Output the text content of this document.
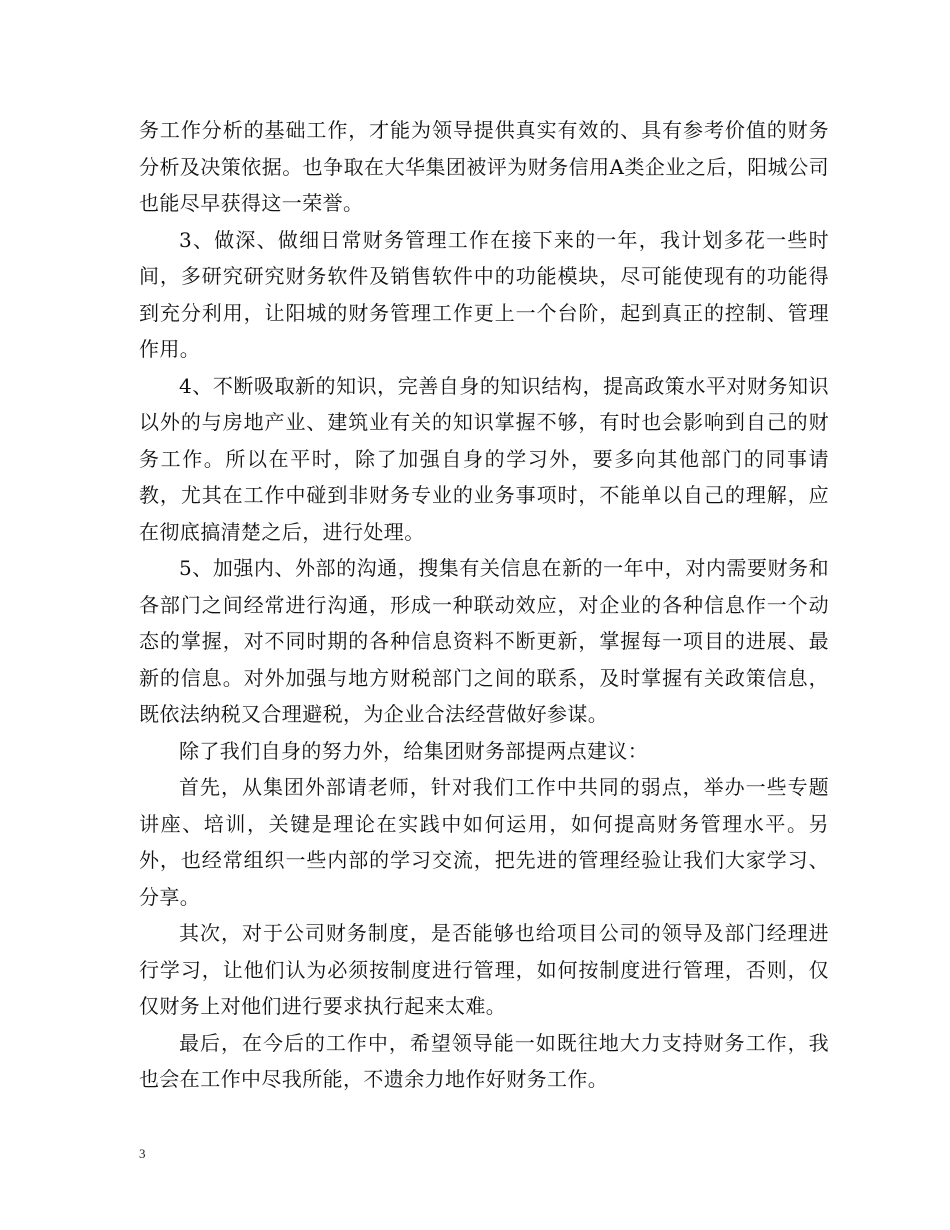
务工作分析的基础工作，才能为领导提供真实有效的、具有参考价值的财务分析及决策依据。也争取在大华集团被评为财务信用A类企业之后，阳城公司也能尽早获得这一荣誉。

3、做深、做细日常财务管理工作在接下来的一年，我计划多花一些时间，多研究研究财务软件及销售软件中的功能模块，尽可能使现有的功能得到充分利用，让阳城的财务管理工作更上一个台阶，起到真正的控制、管理作用。

4、不断吸取新的知识，完善自身的知识结构，提高政策水平对财务知识以外的与房地产业、建筑业有关的知识掌握不够，有时也会影响到自己的财务工作。所以在平时，除了加强自身的学习外，要多向其他部门的同事请教，尤其在工作中碰到非财务专业的业务事项时，不能单以自己的理解，应在彻底搞清楚之后，进行处理。

5、加强内、外部的沟通，搜集有关信息在新的一年中，对内需要财务和各部门之间经常进行沟通，形成一种联动效应，对企业的各种信息作一个动态的掌握，对不同时期的各种信息资料不断更新，掌握每一项目的进展、最新的信息。对外加强与地方财税部门之间的联系，及时掌握有关政策信息，既依法纳税又合理避税，为企业合法经营做好参谋。

除了我们自身的努力外，给集团财务部提两点建议：

首先，从集团外部请老师，针对我们工作中共同的弱点，举办一些专题讲座、培训，关键是理论在实践中如何运用，如何提高财务管理水平。另外，也经常组织一些内部的学习交流，把先进的管理经验让我们大家学习、分享。

其次，对于公司财务制度，是否能够也给项目公司的领导及部门经理进行学习，让他们认为必须按制度进行管理，如何按制度进行管理，否则，仅仅财务上对他们进行要求执行起来太难。

最后，在今后的工作中，希望领导能一如既往地大力支持财务工作，我也会在工作中尽我所能，不遗余力地作好财务工作。

3
